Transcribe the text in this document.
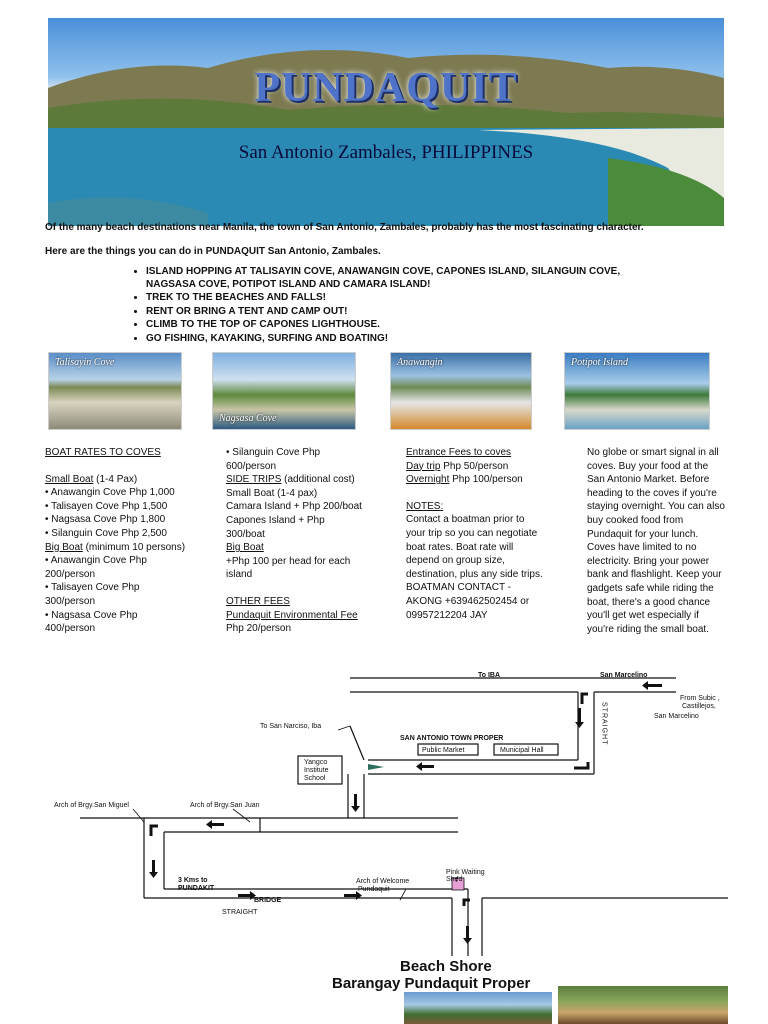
PUNDAQUIT
San Antonio Zambales, PHILIPPINES
Of the many beach destinations near Manila, the town of San Antonio, Zambales, probably has the most fascinating character.
Here are the things you can do in PUNDAQUIT San Antonio, Zambales.
• ISLAND HOPPING AT TALISAYIN COVE, ANAWANGIN COVE, CAPONES ISLAND, SILANGUIN COVE, NAGSASA COVE, POTIPOT ISLAND AND CAMARA ISLAND!
• TREK TO THE BEACHES AND FALLS!
• RENT OR BRING A TENT AND CAMP OUT!
• CLIMB TO THE TOP OF CAPONES LIGHTHOUSE.
• GO FISHING, KAYAKING, SURFING AND BOATING!
Talisayin Cove
Nagsasa Cove
Anawangin	Potipot Island

BOAT RATES TO COVES

Small Boat (1-4 Pax)

• Anawangin Cove Php 1,000

• Talisayen Cove Php 1,500

• Nagsasa Cove Php 1,800

• Silanguin Cove Php 2,500

Big Boat (minimum 10 persons)

• Anawangin Cove Php 200/person

• Talisayen Cove Php 300/person

• Nagsasa Cove Php 400/person

• Silanguin Cove Php 600/person

SIDE TRIPS (additional cost)

Small Boat (1-4 pax)

Camara Island + Php 200/boat

Capones Island + Php 300/boat

Big Boat

+Php 100 per head for each island

OTHER FEES

Pundaquit Environmental Fee

Php 20/person

Entrance Fees to coves

Day trip Php 50/person

Overnight Php 100/person

NOTES:

Contact a boatman prior to your trip so you can negotiate boat rates. Boat rate will depend on group size, destination, plus any side trips.

BOATMAN CONTACT - AKONG +639462502454 or 09957212204 JAY

No globe or smart signal in all coves. Buy your food at the San Antonio Market. Before heading to the coves if you're staying overnight. You can also buy cooked food from Pundaquit for your lunch. Coves have limited to no electricity. Bring your power bank and flashlight. Keep your gadgets safe while riding the boat, there's a good chance you'll get wet especially if you're riding the small boat.

To IBA	San Marcelino
From Subic ,
Castillejos,
San Marcelino
STRAIGHT
To San Narciso, Iba
SAN ANTONIO TOWN PROPER
Public Market	Municipal Hall
Yangco
Institute
School
Arch of Brgy.San Miguel	Arch of Brgy.San Juan
3 Kms to
PUNDAKIT
BRIDGE
STRAIGHT
Arch of Welcome
Pundaquit
Pink Waiting
Shed
Beach Shore
Barangay Pundaquit Proper
